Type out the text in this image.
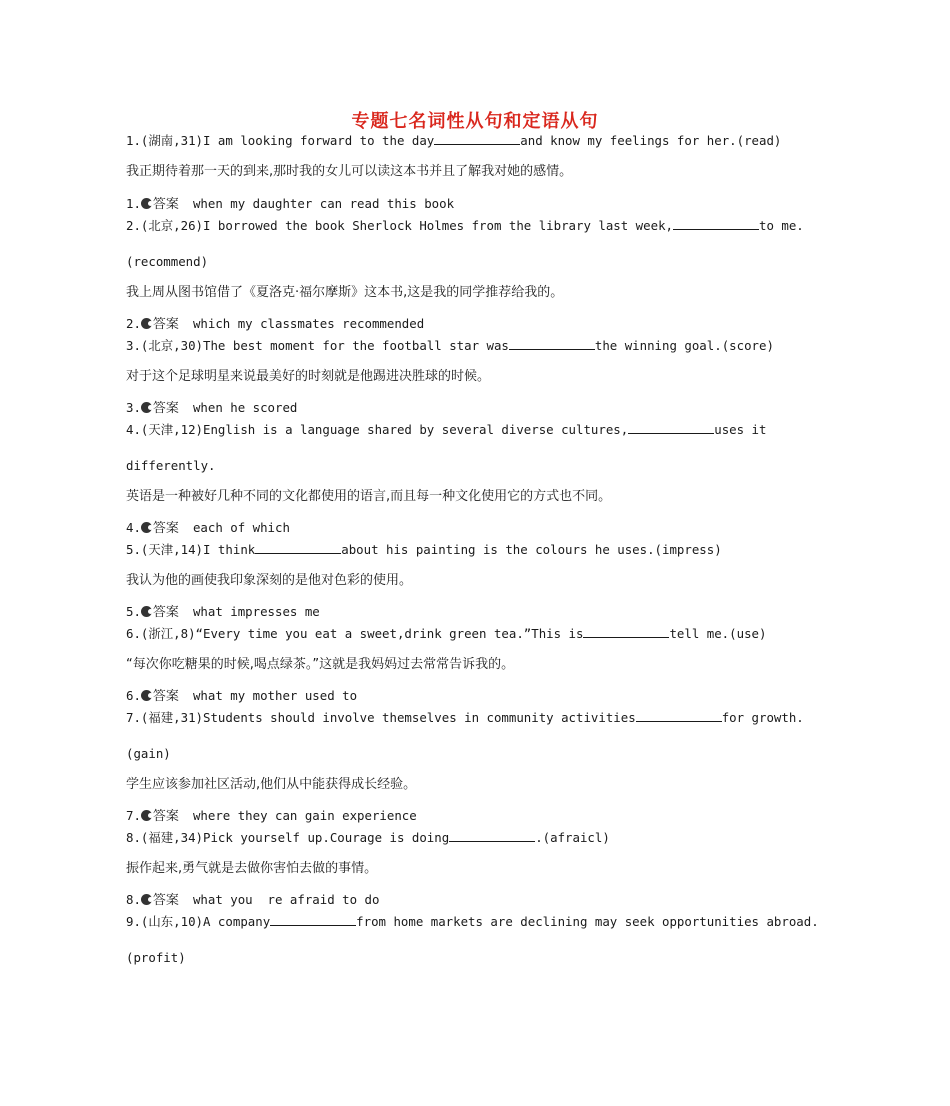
专题七名词性从句和定语从句
1.(湖南,31)I am looking forward to the day	and know my feelings for her.(read)
我正期待着那一天的到来,那时我的女儿可以读这本书并且了解我对她的感情。
1. 答案 when my daughter can read this book
2.(北京,26)I borrowed the book Sherlock Holmes from the library last week,	to me.
(recommend)
我上周从图书馆借了《夏洛克·福尔摩斯》这本书,这是我的同学推荐给我的。
2. 答案 which my classmates recommended
3.(北京,30)The best moment for the football star was	the winning goal.(score)
对于这个足球明星来说最美好的时刻就是他踢进决胜球的时候。
3. 答案 when he scored
4.(天津,12)English is a language shared by several diverse cultures,	uses it
differently.
英语是一种被好几种不同的文化都使用的语言,而且每一种文化使用它的方式也不同。
4. 答案 each of which
5.(天津,14)I think	about his painting is the colours he uses.(impress)
我认为他的画使我印象深刻的是他对色彩的使用。
5. 答案 what impresses me
6.(浙江,8)“Every time you eat a sweet,drink green tea.”This is	tell me.(use)
“每次你吃糖果的时候,喝点绿茶。”这就是我妈妈过去常常告诉我的。
6. 答案 what my mother used to
7.(福建,31)Students should involve themselves in community activities	for growth.
(gain)
学生应该参加社区活动,他们从中能获得成长经验。
7. 答案 where they can gain experience
8.(福建,34)Pick yourself up.Courage is doing	.(afraicl)
振作起来,勇气就是去做你害怕去做的事情。
8. 答案 what you  re afraid to do
9.(山东,10)A company	from home markets are declining may seek opportunities abroad.
(profit)
